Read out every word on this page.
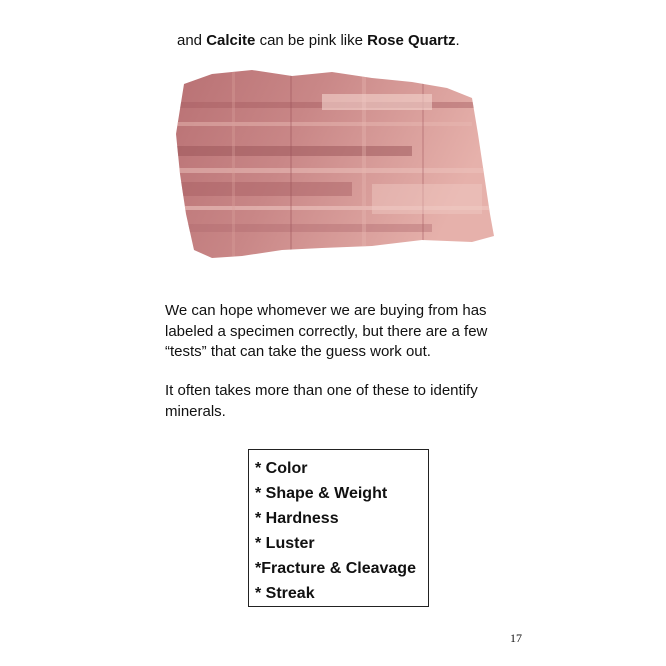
and Calcite can be pink like Rose Quartz.

We can hope whomever we are buying from has labeled a specimen correctly, but there are a few “tests” that can take the guess work out.

It often takes more than one of these to identify minerals.

* Color
* Shape & Weight
* Hardness
* Luster
*Fracture & Cleavage
* Streak
17
